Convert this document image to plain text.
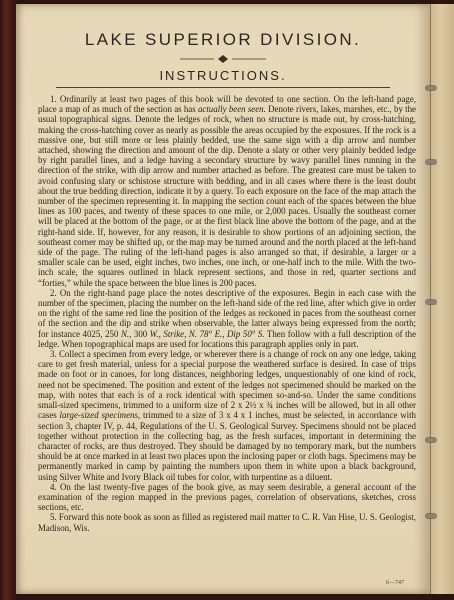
LAKE SUPERIOR DIVISION.
INSTRUCTIONS.

1. Ordinarily at least two pages of this book will be devoted to one section. On the left-hand page, place a map of as much of the section as has actually been seen. Denote rivers, lakes, marshes, etc., by the usual topographical signs. Denote the ledges of rock, when no structure is made out, by cross-hatching, making the cross-hatching cover as nearly as possible the areas occupied by the exposures. If the rock is a massive one, but still more or less plainly bedded, use the same sign with a dip arrow and number attached, showing the direction and amount of the dip. Denote a slaty or other very plainly bedded ledge by right parallel lines, and a ledge having a secondary structure by wavy parallel lines running in the direction of the strike, with dip arrow and number attached as before. The greatest care must be taken to avoid confusing slaty or schistose structure with bedding, and in all cases where there is the least doubt about the true bedding direction, indicate it by a query. To each exposure on the face of the map attach the number of the specimen representing it. In mapping the section count each of the spaces between the blue lines as 100 paces, and twenty of these spaces to one mile, or 2,000 paces. Usually the southeast corner will be placed at the bottom of the page, or at the first black line above the bottom of the page, and at the right-hand side. If, however, for any reason, it is desirable to show portions of an adjoining section, the southeast corner may be shifted up, or the map may be turned around and the north placed at the left-hand side of the page. The ruling of the left-hand pages is also arranged so that, if desirable, a larger or a smaller scale can be used, eight inches, two inches, one inch, or one-half inch to the mile. With the two-inch scale, the squares outlined in black represent sections, and those in red, quarter sections and “forties,” while the space between the blue lines is 200 paces.

2. On the right-hand page place the notes descriptive of the exposures. Begin in each case with the number of the specimen, placing the number on the left-hand side of the red line, after which give in order on the right of the same red line the position of the ledges as reckoned in paces from the southeast corner of the section and the dip and strike when observable, the latter always being expressed from the north; for instance 4025, 250 N., 300 W., Strike, N. 78° E., Dip 50° S. Then follow with a full description of the ledge. When topographical maps are used for locations this paragraph applies only in part.

3. Collect a specimen from every ledge, or wherever there is a change of rock on any one ledge, taking care to get fresh material, unless for a special purpose the weathered surface is desired. In case of trips made on foot or in canoes, for long distances, neighboring ledges, unquestionably of one kind of rock, need not be specimened. The position and extent of the ledges not specimened should be marked on the map, with notes that each is of a rock identical with specimen so-and-so. Under the same conditions small-sized specimens, trimmed to a uniform size of 2 x 2½ x ¾ inches will be allowed, but in all other cases large-sized specimens, trimmed to a size of 3 x 4 x 1 inches, must be selected, in accordance with section 3, chapter IV, p. 44, Regulations of the U. S. Geological Survey. Specimens should not be placed together without protection in the collecting bag, as the fresh surfaces, important in determining the character of rocks, are thus destroyed. They should be damaged by no temporary mark, but the numbers should be at once marked in at least two places upon the inclosing paper or cloth bags. Specimens may be permanently marked in camp by painting the numbers upon them in white upon a black background, using Silver White and Ivory Black oil tubes for color, with turpentine as a diluent.

4. On the last twenty-five pages of the book give, as may seem desirable, a general account of the examination of the region mapped in the previous pages, correlation of observations, sketches, cross sections, etc.

5. Forward this note book as soon as filled as registered mail matter to C. R. Van Hise, U. S. Geologist, Madison, Wis.

6—747
